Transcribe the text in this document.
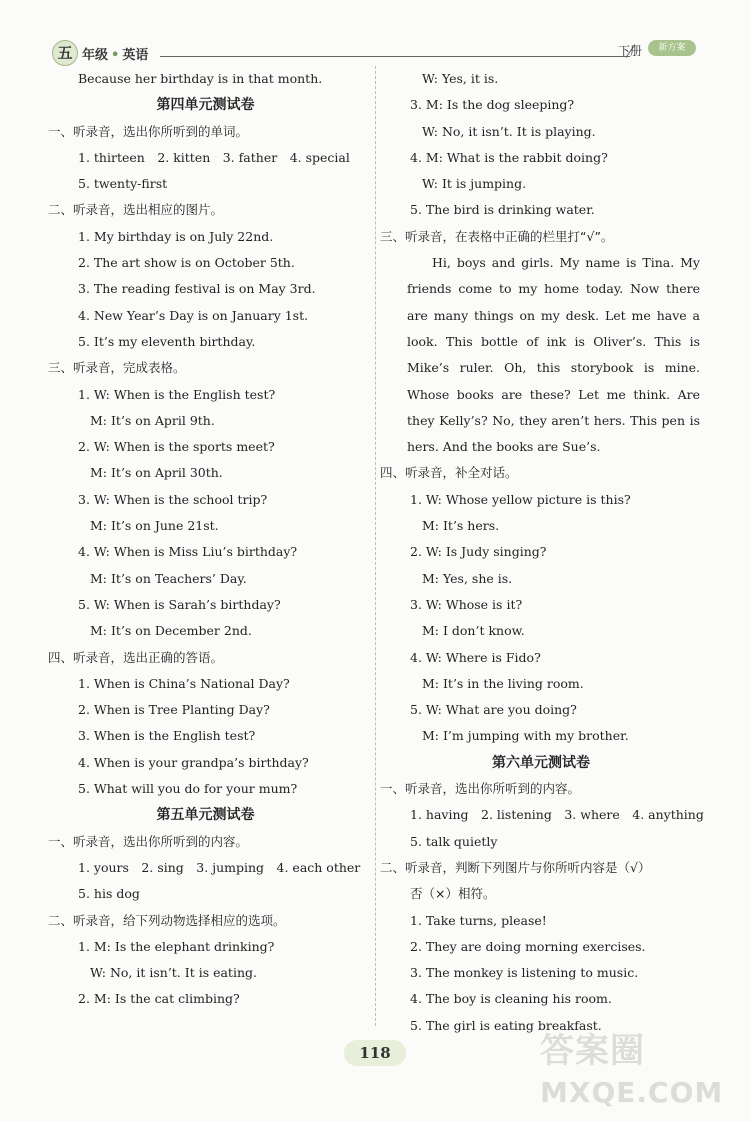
五 年级 • 英语	下册	新方案
Because her birthday is in that month.
第四单元测试卷
一、听录音，选出你所听到的单词。
1. thirteen　2. kitten　3. father　4. special
5. twenty-first
二、听录音，选出相应的图片。
1. My birthday is on July 22nd.
2. The art show is on October 5th.
3. The reading festival is on May 3rd.
4. New Year’s Day is on January 1st.
5. It’s my eleventh birthday.
三、听录音，完成表格。
1. W: When is the English test?
M: It’s on April 9th.
2. W: When is the sports meet?
M: It’s on April 30th.
3. W: When is the school trip?
M: It’s on June 21st.
4. W: When is Miss Liu’s birthday?
M: It’s on Teachers’ Day.
5. W: When is Sarah’s birthday?
M: It’s on December 2nd.
四、听录音，选出正确的答语。
1. When is China’s National Day?
2. When is Tree Planting Day?
3. When is the English test?
4. When is your grandpa’s birthday?
5. What will you do for your mum?
第五单元测试卷
一、听录音，选出你所听到的内容。
1. yours　2. sing　3. jumping　4. each other
5. his dog
二、听录音，给下列动物选择相应的选项。
1. M: Is the elephant drinking?
W: No, it isn’t. It is eating.
2. M: Is the cat climbing?
W: Yes, it is.
3. M: Is the dog sleeping?
W: No, it isn’t. It is playing.
4. M: What is the rabbit doing?
W: It is jumping.
5. The bird is drinking water.
三、听录音，在表格中正确的栏里打“√”。
Hi, boys and girls. My name is Tina. My friends come to my home today. Now there are many things on my desk. Let me have a look. This bottle of ink is Oliver’s. This is Mike’s ruler. Oh, this storybook is mine. Whose books are these? Let me think. Are they Kelly’s? No, they aren’t hers. This pen is hers. And the books are Sue’s.
四、听录音，补全对话。
1. W: Whose yellow picture is this?
M: It’s hers.
2. W: Is Judy singing?
M: Yes, she is.
3. W: Whose is it?
M: I don’t know.
4. W: Where is Fido?
M: It’s in the living room.
5. W: What are you doing?
M: I’m jumping with my brother.
第六单元测试卷
一、听录音，选出你所听到的内容。
1. having　2. listening　3. where　4. anything
5. talk quietly
二、听录音，判断下列图片与你所听内容是（√）
否（×）相符。
1. Take turns, please!
2. They are doing morning exercises.
3. The monkey is listening to music.
4. The boy is cleaning his room.
5. The girl is eating breakfast.
118	答案圈
MXQE.COM
